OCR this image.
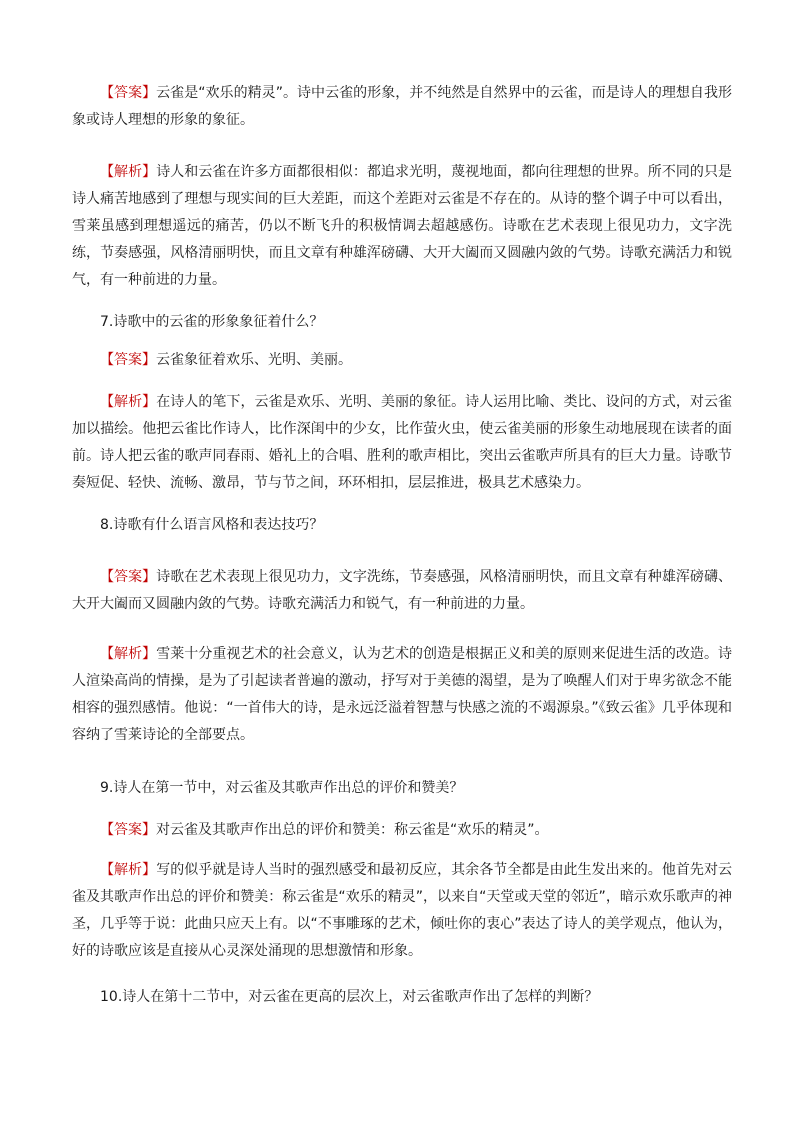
【答案】云雀是“欢乐的精灵”。诗中云雀的形象，并不纯然是自然界中的云雀，而是诗人的理想自我形象或诗人理想的形象的象征。

【解析】诗人和云雀在许多方面都很相似：都追求光明，蔑视地面，都向往理想的世界。所不同的只是诗人痛苦地感到了理想与现实间的巨大差距，而这个差距对云雀是不存在的。从诗的整个调子中可以看出，雪莱虽感到理想遥远的痛苦，仍以不断飞升的积极情调去超越感伤。诗歌在艺术表现上很见功力，文字洗练，节奏感强，风格清丽明快，而且文章有种雄浑磅礴、大开大阖而又圆融内敛的气势。诗歌充满活力和锐气，有一种前进的力量。

7.诗歌中的云雀的形象象征着什么？

【答案】云雀象征着欢乐、光明、美丽。

【解析】在诗人的笔下，云雀是欢乐、光明、美丽的象征。诗人运用比喻、类比、设问的方式，对云雀加以描绘。他把云雀比作诗人，比作深闺中的少女，比作萤火虫，使云雀美丽的形象生动地展现在读者的面前。诗人把云雀的歌声同春雨、婚礼上的合唱、胜利的歌声相比，突出云雀歌声所具有的巨大力量。诗歌节奏短促、轻快、流畅、激昂，节与节之间，环环相扣，层层推进，极具艺术感染力。

8.诗歌有什么语言风格和表达技巧？

【答案】诗歌在艺术表现上很见功力，文字洗练，节奏感强，风格清丽明快，而且文章有种雄浑磅礴、大开大阖而又圆融内敛的气势。诗歌充满活力和锐气，有一种前进的力量。

【解析】雪莱十分重视艺术的社会意义，认为艺术的创造是根据正义和美的原则来促进生活的改造。诗人渲染高尚的情操，是为了引起读者普遍的激动，抒写对于美德的渴望，是为了唤醒人们对于卑劣欲念不能相容的强烈感情。他说：“一首伟大的诗，是永远泛溢着智慧与快感之流的不竭源泉。”《致云雀》几乎体现和容纳了雪莱诗论的全部要点。

9.诗人在第一节中，对云雀及其歌声作出总的评价和赞美？

【答案】对云雀及其歌声作出总的评价和赞美：称云雀是“欢乐的精灵”。

【解析】写的似乎就是诗人当时的强烈感受和最初反应，其余各节全都是由此生发出来的。他首先对云雀及其歌声作出总的评价和赞美：称云雀是“欢乐的精灵”，以来自“天堂或天堂的邻近”，暗示欢乐歌声的神圣，几乎等于说：此曲只应天上有。以“不事雕琢的艺术，倾吐你的衷心”表达了诗人的美学观点，他认为，好的诗歌应该是直接从心灵深处涌现的思想激情和形象。

10.诗人在第十二节中，对云雀在更高的层次上，对云雀歌声作出了怎样的判断？
